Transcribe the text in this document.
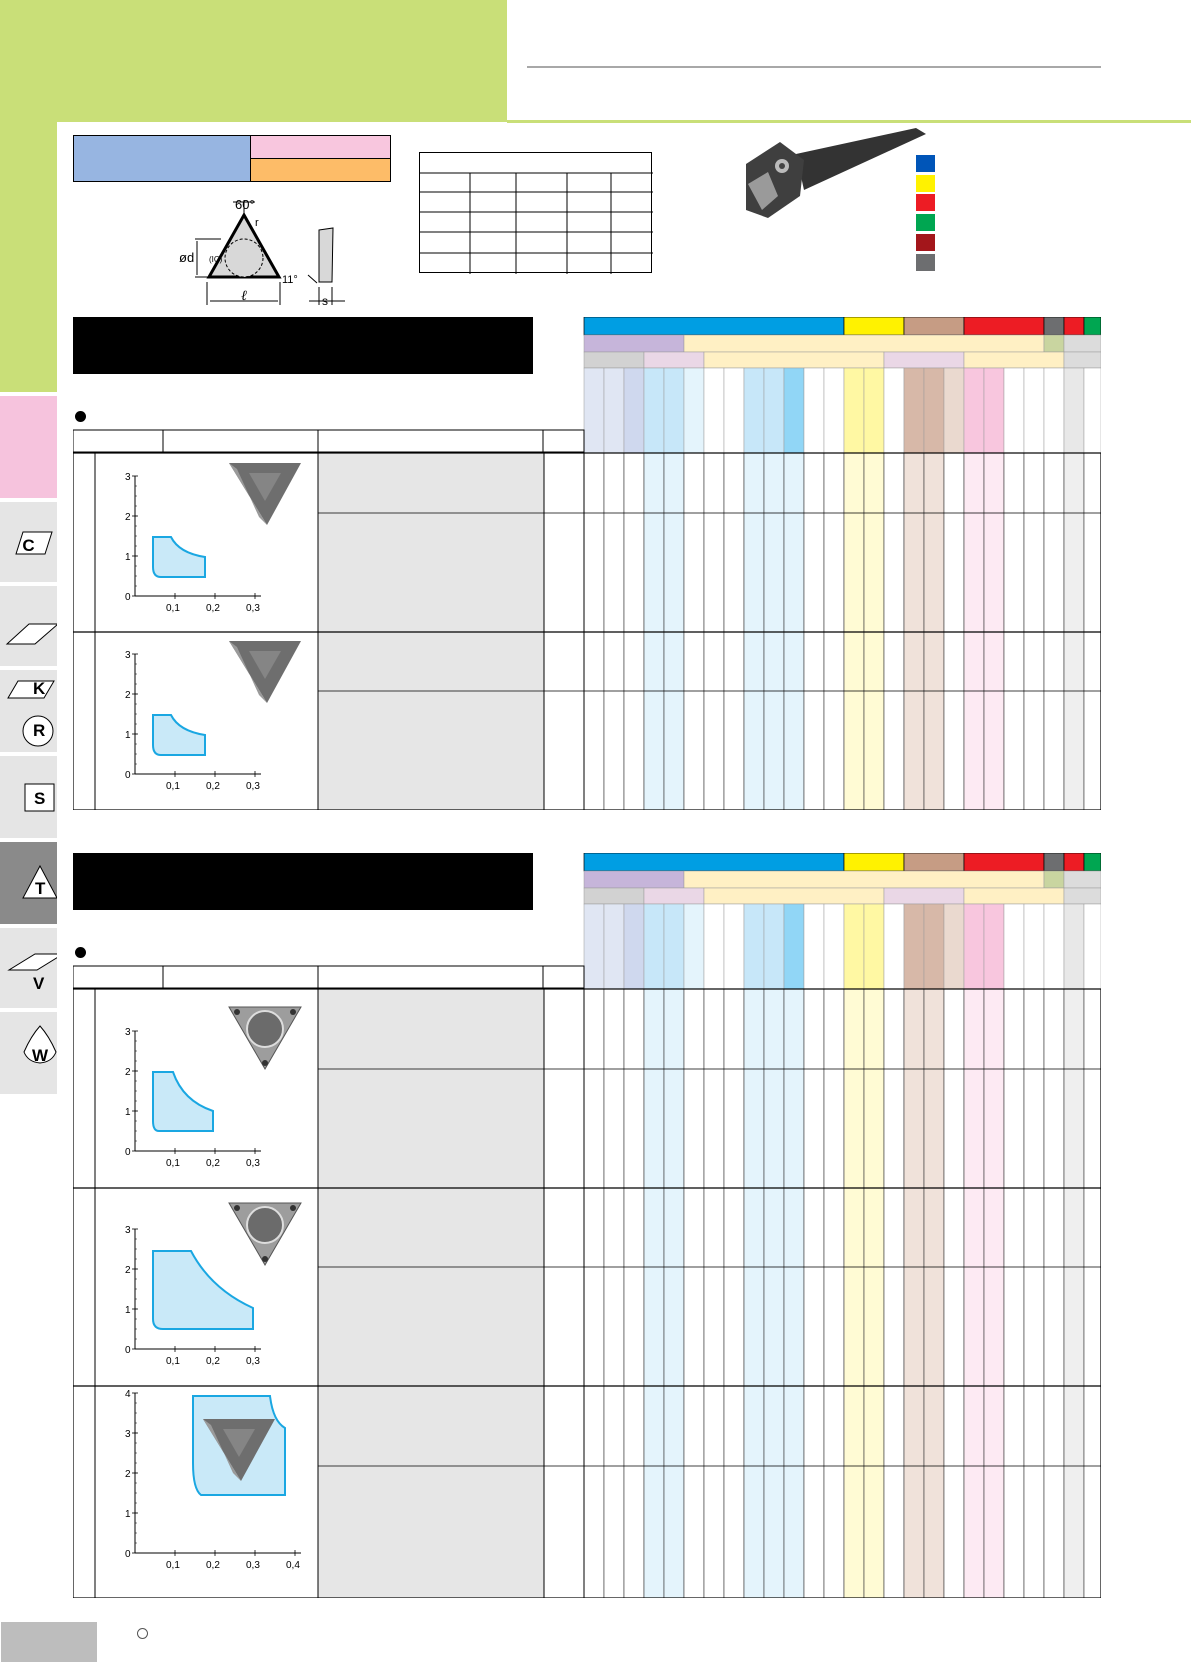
C
K
R
S
T
V
W
60°
r
ød (IC)
ℓ
11°
s
0
1
2
3
0,1	0,2	0,3
0
1
2
3
0,1	0,2	0,3
0
1
2
3
0,1	0,2	0,3
0
1
2
3
0,1	0,2	0,3
0
1
2
3
4
0,1	0,2	0,3	0,4
